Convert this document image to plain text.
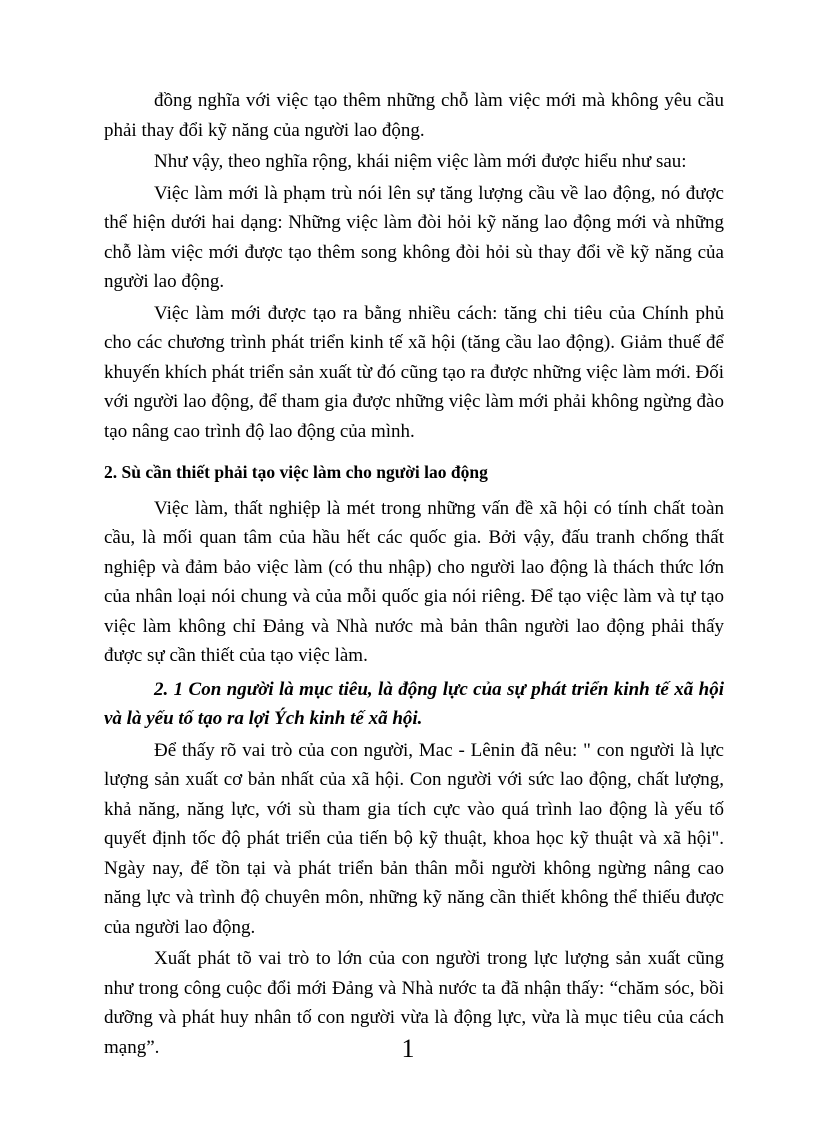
đồng nghĩa với việc tạo thêm những chỗ làm việc mới mà không yêu cầu phải thay đổi kỹ năng của người lao động.

Như vậy, theo nghĩa rộng, khái niệm việc làm mới được hiểu như sau:

Việc làm mới là phạm trù nói lên sự tăng lượng cầu về lao động, nó được thể hiện dưới hai dạng: Những việc làm đòi hỏi kỹ năng lao động mới và những chỗ làm việc mới được tạo thêm song không đòi hỏi sù thay đổi về kỹ năng của người lao động.

Việc làm mới được tạo ra bằng nhiều cách: tăng chi tiêu của Chính phủ cho các chương trình phát triển kinh tế xã hội (tăng cầu lao động). Giảm thuế để khuyến khích phát triển sản xuất từ đó cũng tạo ra được những việc làm mới. Đối với người lao động, để tham gia được những việc làm mới phải không ngừng đào tạo nâng cao trình độ lao động của mình.

2. Sù cần thiết phải tạo việc làm cho người lao động

Việc làm, thất nghiệp là mét trong những vấn đề xã hội có tính chất toàn cầu, là mối quan tâm của hầu hết các quốc gia. Bởi vậy, đấu tranh chống thất nghiệp và đảm bảo việc làm (có thu nhập) cho người lao động là thách thức lớn của nhân loại nói chung và của mỗi quốc gia nói riêng. Để tạo việc làm và tự tạo việc làm không chỉ Đảng và Nhà nước mà bản thân người lao động phải thấy được sự cần thiết của tạo việc làm.

2. 1 Con người là mục tiêu, là động lực của sự phát triển kinh tế xã hội và là yếu tố tạo ra lợi Ých kinh tế xã hội.

Để thấy rõ vai trò của con người, Mac - Lênin đã nêu: " con người là lực lượng sản xuất cơ bản nhất của xã hội. Con người với sức lao động, chất lượng, khả năng, năng lực, với sù tham gia tích cực vào quá trình lao động là yếu tố quyết định tốc độ phát triển của tiến bộ kỹ thuật, khoa học kỹ thuật và xã hội". Ngày nay, để tồn tại và phát triển bản thân mỗi người không ngừng nâng cao năng lực và trình độ chuyên môn, những kỹ năng cần thiết không thể thiếu được của người lao động.

Xuất phát tõ vai trò to lớn của con người trong lực lượng sản xuất cũng như trong công cuộc đổi mới Đảng và Nhà nước ta đã nhận thấy: “chăm sóc, bồi dưỡng và phát huy nhân tố con người vừa là động lực, vừa là mục tiêu của cách mạng”.	1
